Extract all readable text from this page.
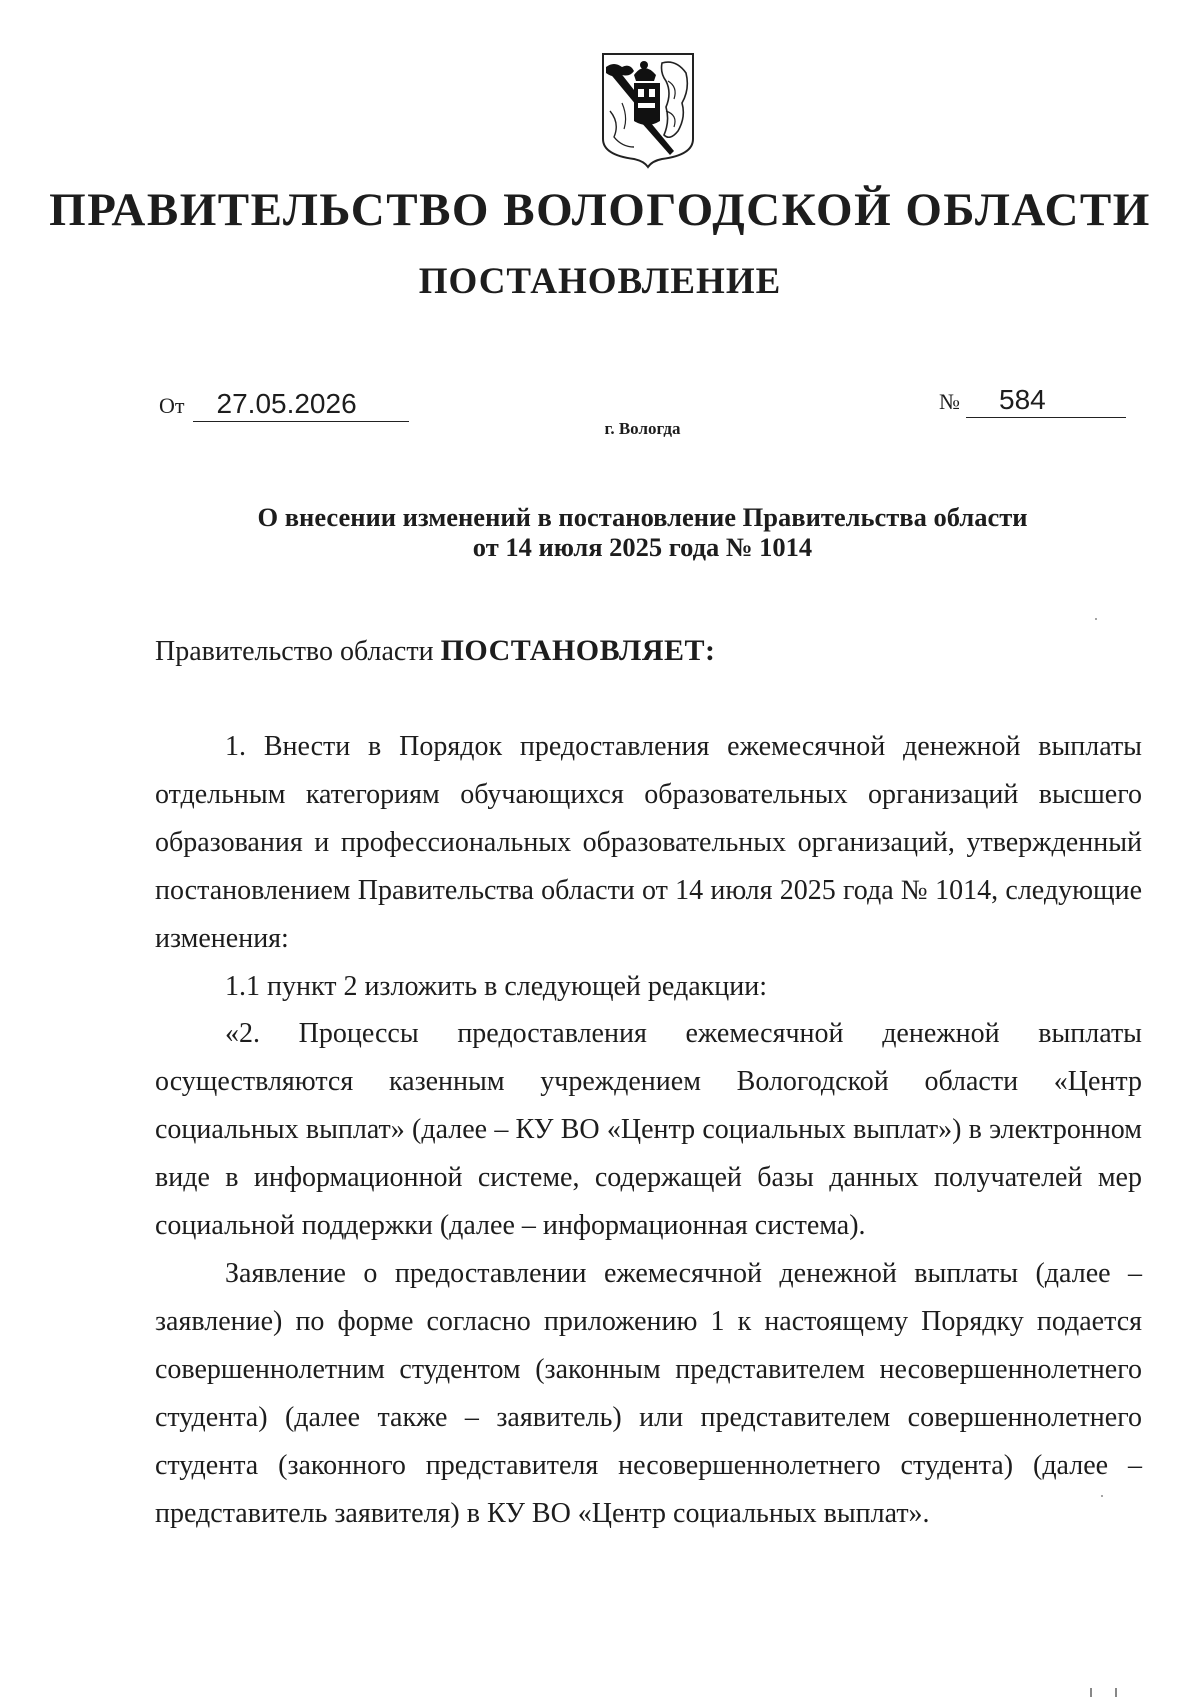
ПРАВИТЕЛЬСТВО ВОЛОГОДСКОЙ ОБЛАСТИ
ПОСТАНОВЛЕНИЕ
От 27.05.2026	№ 584
г. Вологда
О внесении изменений в постановление Правительства области
от 14 июля 2025 года № 1014
Правительство области ПОСТАНОВЛЯЕТ:

1. Внести в Порядок предоставления ежемесячной денежной выплаты отдельным категориям обучающихся образовательных организаций высшего образования и профессиональных образовательных организаций, утвержденный постановлением Правительства области от 14 июля 2025 года № 1014, следующие изменения:

1.1 пункт 2 изложить в следующей редакции:

«2. Процессы предоставления ежемесячной денежной выплаты осуществляются казенным учреждением Вологодской области «Центр социальных выплат» (далее – КУ ВО «Центр социальных выплат») в электронном виде в информационной системе, содержащей базы данных получателей мер социальной поддержки (далее – информационная система).

Заявление о предоставлении ежемесячной денежной выплаты (далее – заявление) по форме согласно приложению 1 к настоящему Порядку подается совершеннолетним студентом (законным представителем несовершеннолетнего студента) (далее также – заявитель) или представителем совершеннолетнего студента (законного представителя несовершеннолетнего студента) (далее – представитель заявителя) в КУ ВО «Центр социальных выплат».
